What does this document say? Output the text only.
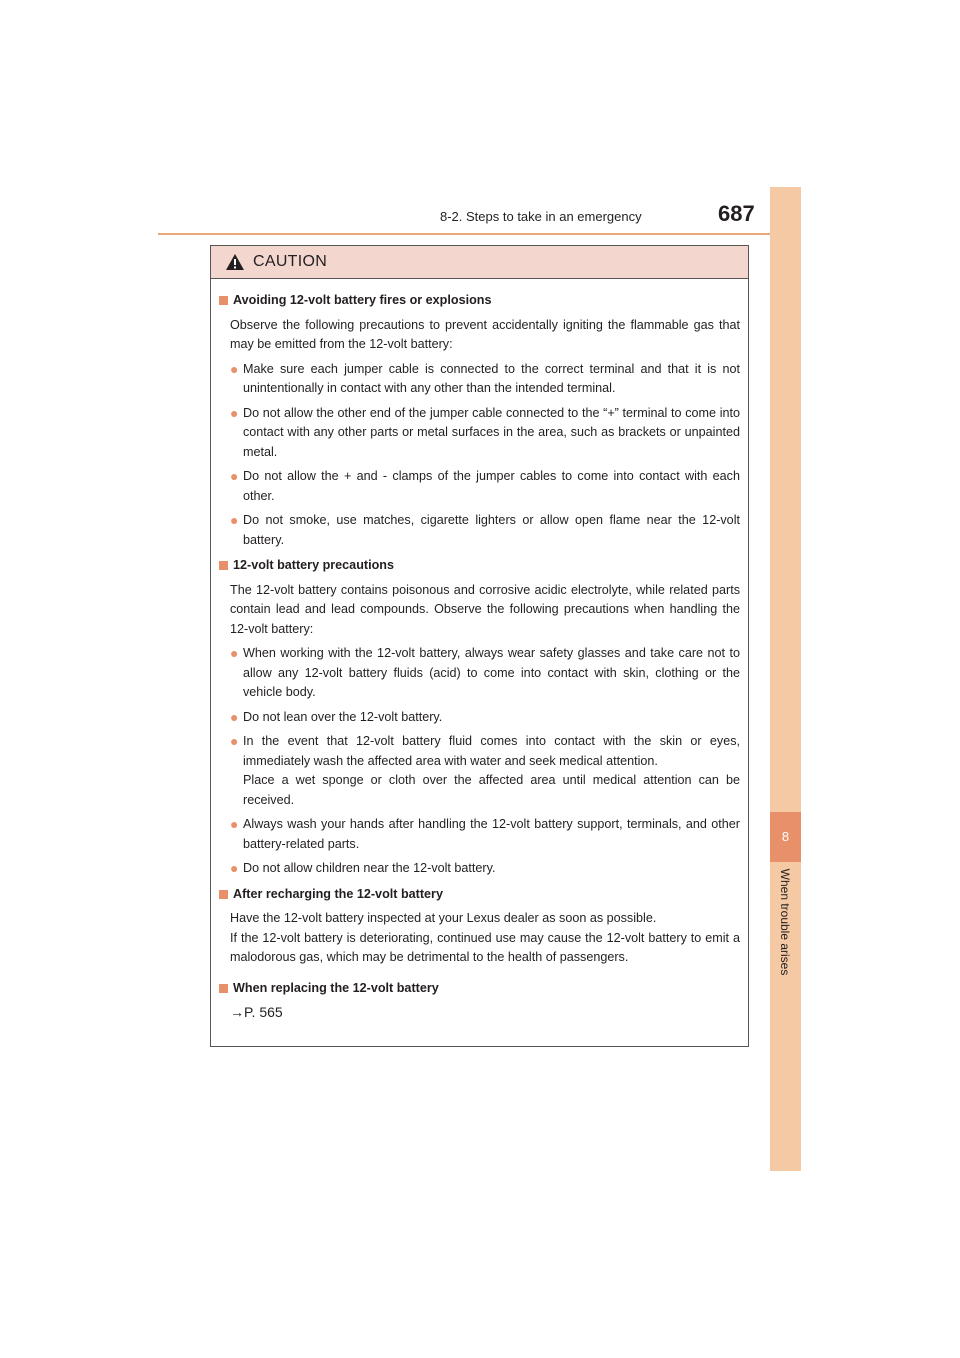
8-2. Steps to take in an emergency	687
8
When trouble arises
CAUTION
Avoiding 12-volt battery fires or explosions
Observe the following precautions to prevent accidentally igniting the flammable gas that may be emitted from the 12-volt battery:
● Make sure each jumper cable is connected to the correct terminal and that it is not unintentionally in contact with any other than the intended terminal.
● Do not allow the other end of the jumper cable connected to the “+” terminal to come into contact with any other parts or metal surfaces in the area, such as brackets or unpainted metal.
● Do not allow the + and - clamps of the jumper cables to come into contact with each other.
● Do not smoke, use matches, cigarette lighters or allow open flame near the 12-volt battery.
12-volt battery precautions
The 12-volt battery contains poisonous and corrosive acidic electrolyte, while related parts contain lead and lead compounds. Observe the following precautions when handling the 12-volt battery:
● When working with the 12-volt battery, always wear safety glasses and take care not to allow any 12-volt battery fluids (acid) to come into contact with skin, clothing or the vehicle body.
● Do not lean over the 12-volt battery.
● In the event that 12-volt battery fluid comes into contact with the skin or eyes, immediately wash the affected area with water and seek medical attention.
Place a wet sponge or cloth over the affected area until medical attention can be received.
● Always wash your hands after handling the 12-volt battery support, terminals, and other battery-related parts.
● Do not allow children near the 12-volt battery.
After recharging the 12-volt battery
Have the 12-volt battery inspected at your Lexus dealer as soon as possible.
If the 12-volt battery is deteriorating, continued use may cause the 12-volt battery to emit a malodorous gas, which may be detrimental to the health of passengers.
When replacing the 12-volt battery
→P. 565
